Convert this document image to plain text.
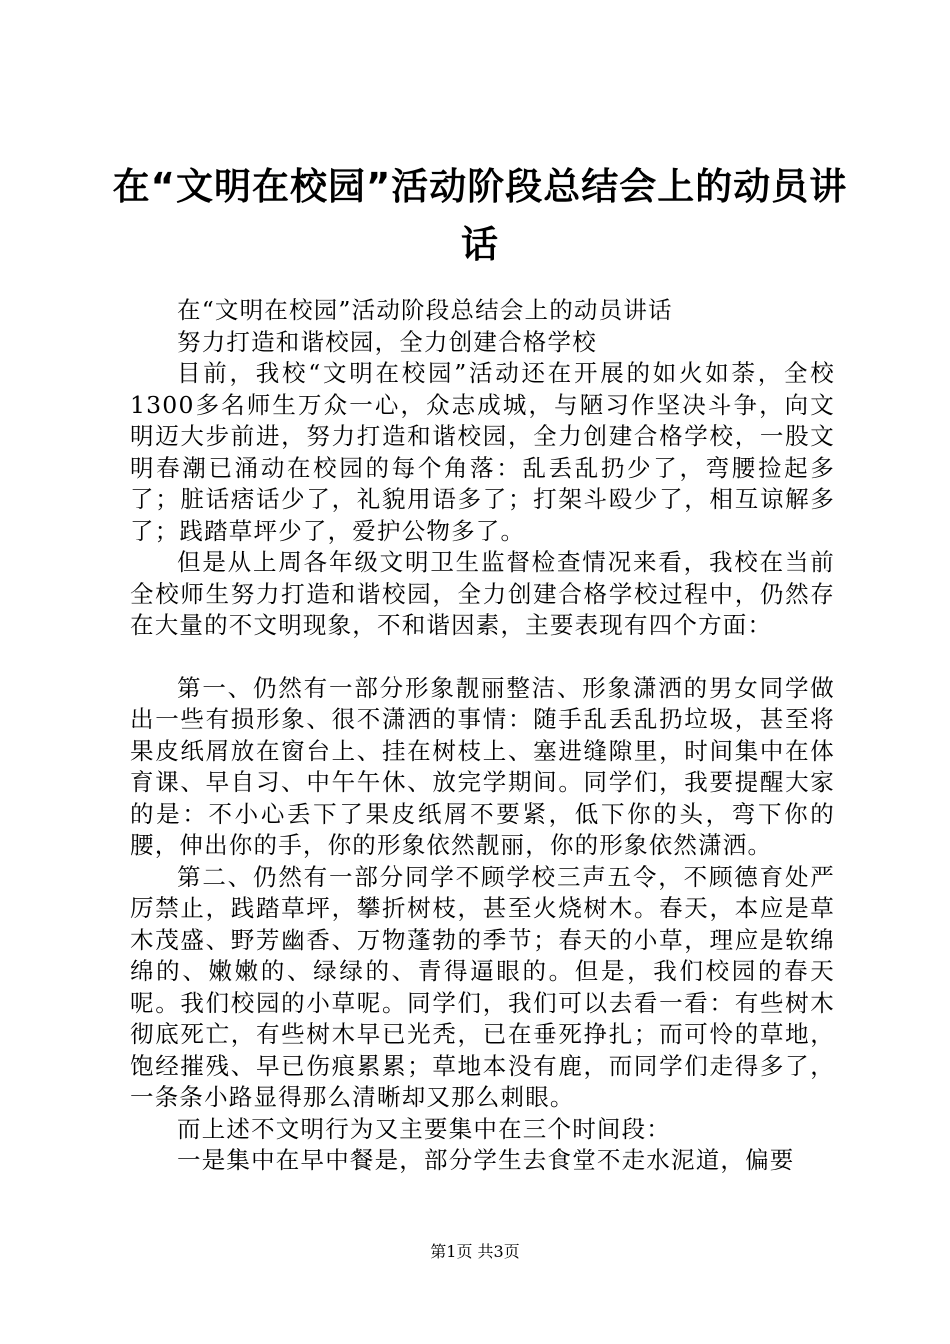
在“文明在校园”活动阶段总结会上的动员讲话

在“文明在校园”活动阶段总结会上的动员讲话

努力打造和谐校园，全力创建合格学校

目前，我校“文明在校园”活动还在开展的如火如荼，全校1300多名师生万众一心，众志成城，与陋习作坚决斗争，向文明迈大步前进，努力打造和谐校园，全力创建合格学校，一股文明春潮已涌动在校园的每个角落：乱丢乱扔少了，弯腰捡起多了；脏话痞话少了，礼貌用语多了；打架斗殴少了，相互谅解多了；践踏草坪少了，爱护公物多了。

但是从上周各年级文明卫生监督检查情况来看，我校在当前全校师生努力打造和谐校园，全力创建合格学校过程中，仍然存在大量的不文明现象，不和谐因素，主要表现有四个方面：

第一、仍然有一部分形象靓丽整洁、形象潇洒的男女同学做出一些有损形象、很不潇洒的事情：随手乱丢乱扔垃圾，甚至将果皮纸屑放在窗台上、挂在树枝上、塞进缝隙里，时间集中在体育课、早自习、中午午休、放完学期间。同学们，我要提醒大家的是：不小心丢下了果皮纸屑不要紧，低下你的头，弯下你的腰，伸出你的手，你的形象依然靓丽，你的形象依然潇洒。

第二、仍然有一部分同学不顾学校三声五令，不顾德育处严厉禁止，践踏草坪，攀折树枝，甚至火烧树木。春天，本应是草木茂盛、野芳幽香、万物蓬勃的季节；春天的小草，理应是软绵绵的、嫩嫩的、绿绿的、青得逼眼的。但是，我们校园的春天呢。我们校园的小草呢。同学们，我们可以去看一看：有些树木彻底死亡，有些树木早已光秃，已在垂死挣扎；而可怜的草地，饱经摧残、早已伤痕累累；草地本没有鹿，而同学们走得多了，一条条小路显得那么清晰却又那么刺眼。

而上述不文明行为又主要集中在三个时间段：

一是集中在早中餐是，部分学生去食堂不走水泥道，偏要

第1页 共3页
